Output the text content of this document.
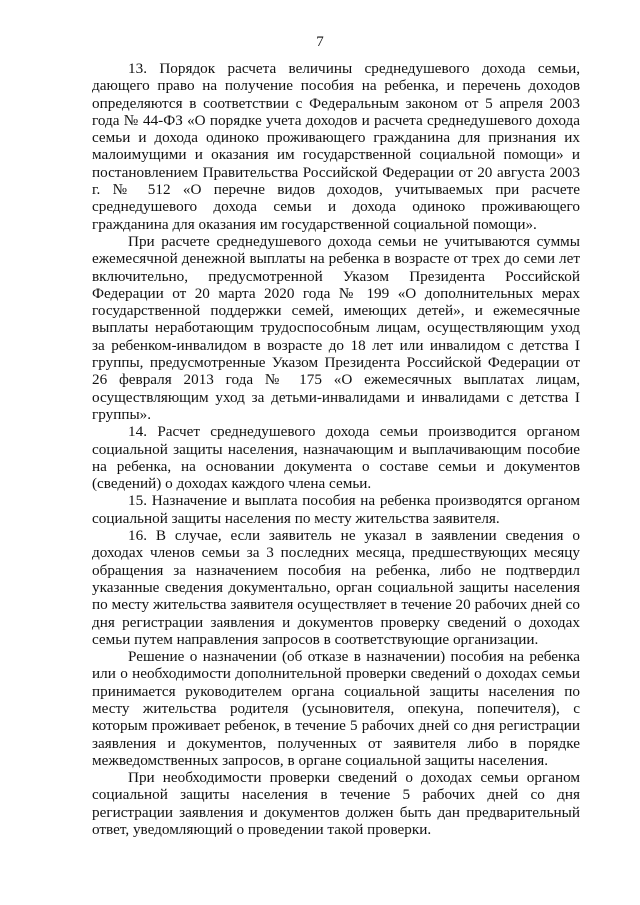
7

13. Порядок расчета величины среднедушевого дохода семьи, дающего право на получение пособия на ребенка, и перечень доходов определяются в соответствии с Федеральным законом от 5 апреля 2003 года № 44-ФЗ «О порядке учета доходов и расчета среднедушевого дохода семьи и дохода одиноко проживающего гражданина для признания их малоимущими и оказания им государственной социальной помощи» и постановлением Правительства Российской Федерации от 20 августа 2003 г. № 512 «О перечне видов доходов, учитываемых при расчете среднедушевого дохода семьи и дохода одиноко проживающего гражданина для оказания им государственной социальной помощи».

При расчете среднедушевого дохода семьи не учитываются суммы ежемесячной денежной выплаты на ребенка в возрасте от трех до семи лет включительно, предусмотренной Указом Президента Российской Федерации от 20 марта 2020 года № 199 «О дополнительных мерах государственной поддержки семей, имеющих детей», и ежемесячные выплаты неработающим трудоспособным лицам, осуществляющим уход за ребенком-инвалидом в возрасте до 18 лет или инвалидом с детства I группы, предусмотренные Указом Президента Российской Федерации от 26 февраля 2013 года № 175 «О ежемесячных выплатах лицам, осуществляющим уход за детьми-инвалидами и инвалидами с детства I группы».

14. Расчет среднедушевого дохода семьи производится органом социальной защиты населения, назначающим и выплачивающим пособие на ребенка, на основании документа о составе семьи и документов (сведений) о доходах каждого члена семьи.

15. Назначение и выплата пособия на ребенка производятся органом социальной защиты населения по месту жительства заявителя.

16. В случае, если заявитель не указал в заявлении сведения о доходах членов семьи за 3 последних месяца, предшествующих месяцу обращения за назначением пособия на ребенка, либо не подтвердил указанные сведения документально, орган социальной защиты населения по месту жительства заявителя осуществляет в течение 20 рабочих дней со дня регистрации заявления и документов проверку сведений о доходах семьи путем направления запросов в соответствующие организации.

Решение о назначении (об отказе в назначении) пособия на ребенка или о необходимости дополнительной проверки сведений о доходах семьи принимается руководителем органа социальной защиты населения по месту жительства родителя (усыновителя, опекуна, попечителя), с которым проживает ребенок, в течение 5 рабочих дней со дня регистрации заявления и документов, полученных от заявителя либо в порядке межведомственных запросов, в органе социальной защиты населения.

При необходимости проверки сведений о доходах семьи органом социальной защиты населения в течение 5 рабочих дней со дня регистрации заявления и документов должен быть дан предварительный ответ, уведомляющий о проведении такой проверки.
